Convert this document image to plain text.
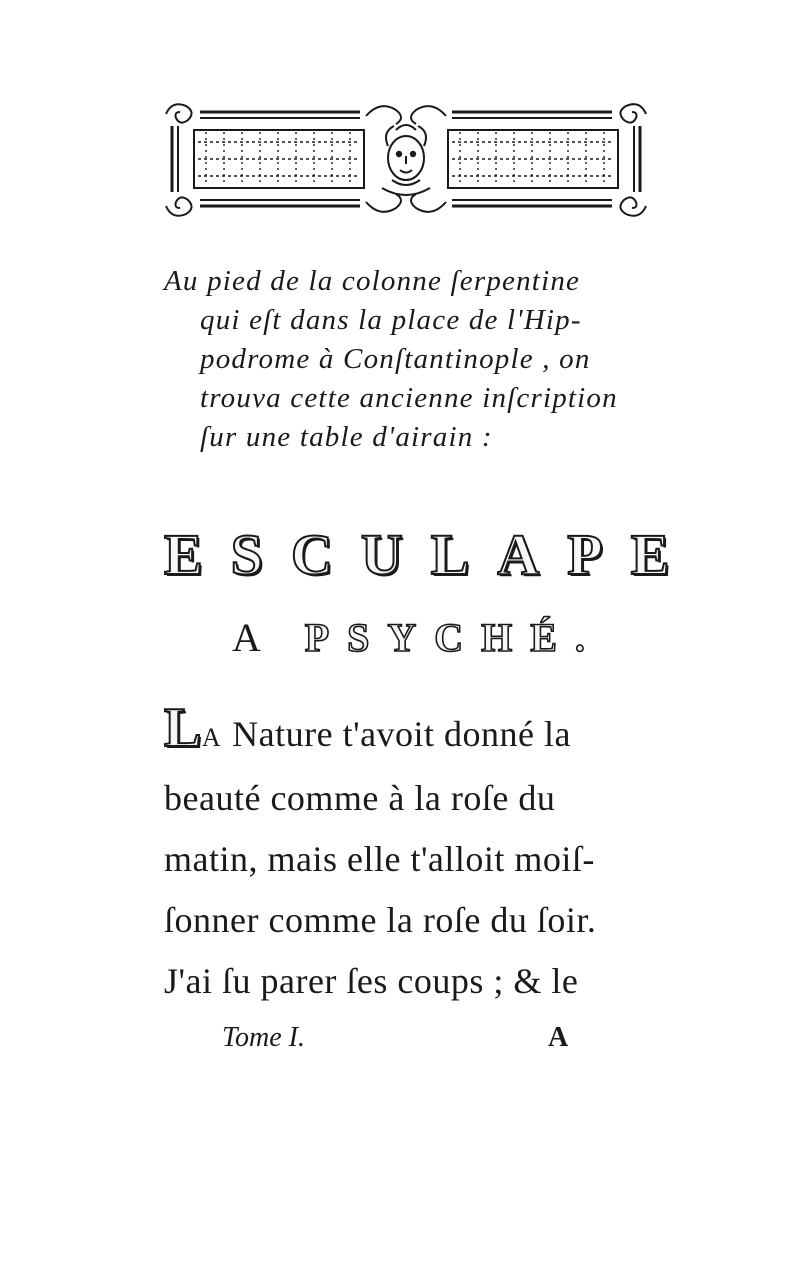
Au pied de la colonne ſerpentine
qui eſt dans la place de l'Hip-
podrome à Conſtantinople , on
trouva cette ancienne inſcription
ſur une table d'airain :
ESCULAPE
A PSYCHÉ.
LA Nature t'avoit donné la
beauté comme à la roſe du
matin, mais elle t'alloit moiſ-
ſonner comme la roſe du ſoir.
J'ai ſu parer ſes coups ; & le
Tome I.	A
